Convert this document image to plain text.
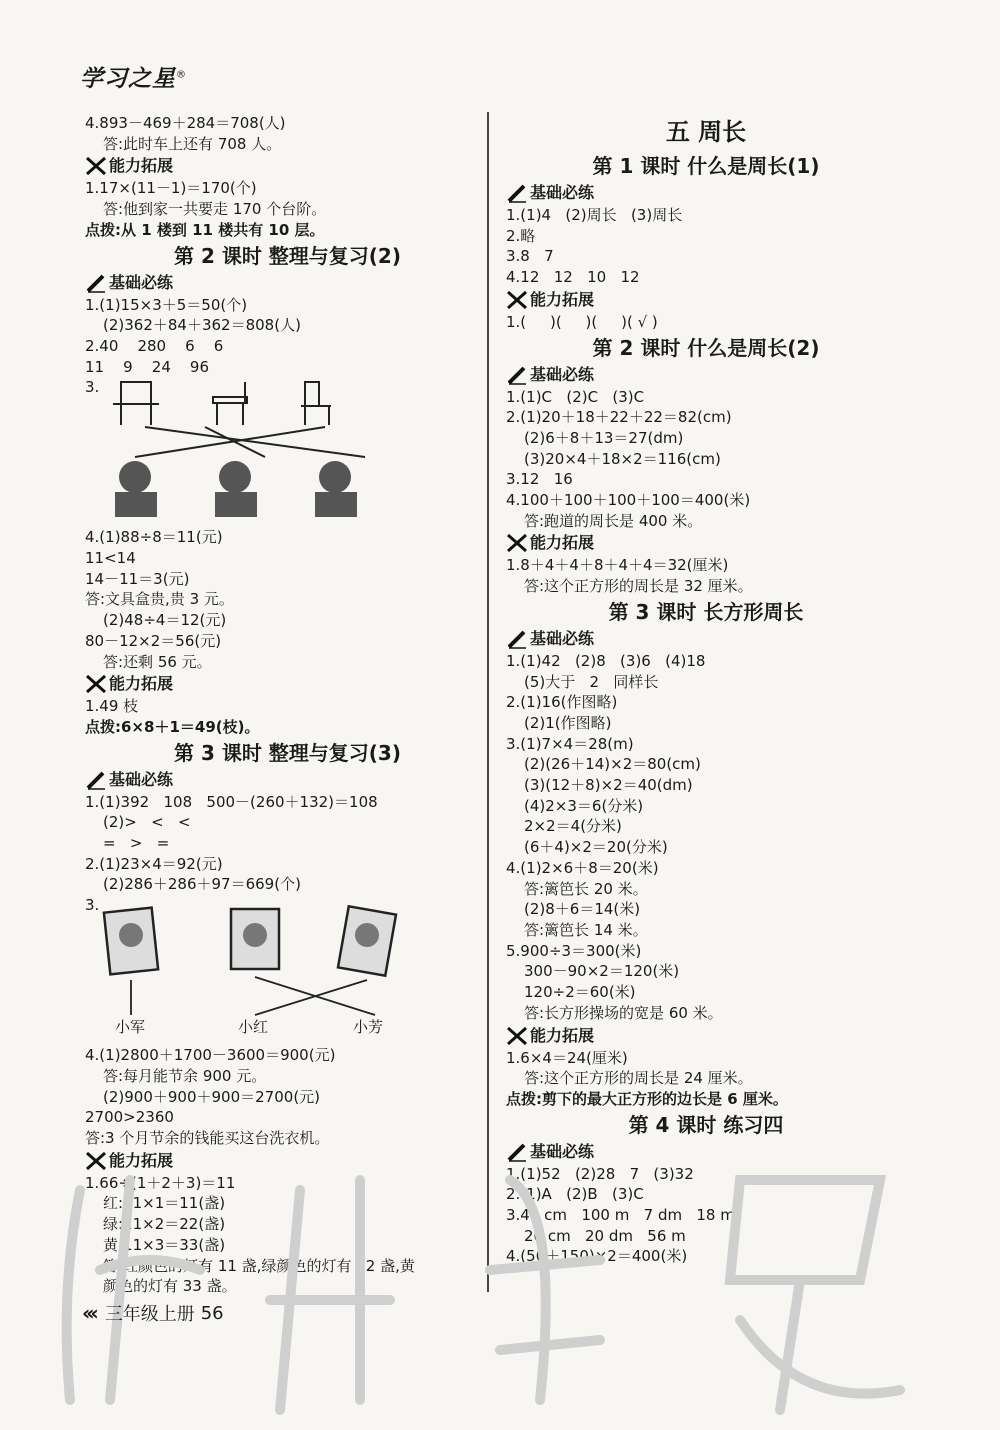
学习之星®
4.893－469＋284＝708(人)
答:此时车上还有 708 人。
能力拓展
1.17×(11－1)＝170(个)
答:他到家一共要走 170 个台阶。
点拨:从 1 楼到 11 楼共有 10 层。
第 2 课时 整理与复习(2)
基础必练
1.(1)15×3＋5＝50(个)
(2)362＋84＋362＝808(人)
2.40    280    6    6
11    9    24    96
3.
4.(1)88÷8＝11(元)
11<14
14－11＝3(元)
答:文具盒贵,贵 3 元。
(2)48÷4＝12(元)
80－12×2＝56(元)
答:还剩 56 元。
能力拓展
1.49 枝
点拨:6×8＋1＝49(枝)。
第 3 课时 整理与复习(3)
基础必练
1.(1)392   108   500－(260＋132)＝108
(2)>   <   <
=   >   =
2.(1)23×4＝92(元)
(2)286＋286＋97＝669(个)
3.
小军	小红	小芳
4.(1)2800＋1700－3600＝900(元)
答:每月能节余 900 元。
(2)900＋900＋900＝2700(元)
2700>2360
答:3 个月节余的钱能买这台洗衣机。
能力拓展
1.66÷(1＋2＋3)＝11
红:11×1＝11(盏)
绿:11×2＝22(盏)
黄:11×3＝33(盏)
答:红颜色的灯有 11 盏,绿颜色的灯有 22 盏,黄
颜色的灯有 33 盏。
五 周长
第 1 课时 什么是周长(1)
基础必练
1.(1)4   (2)周长   (3)周长
2.略
3.8   7
4.12   12   10   12
能力拓展
1.(     )(     )(     )( √ )
第 2 课时 什么是周长(2)
基础必练
1.(1)C   (2)C   (3)C
2.(1)20＋18＋22＋22＝82(cm)
(2)6＋8＋13＝27(dm)
(3)20×4＋18×2＝116(cm)
3.12   16
4.100＋100＋100＋100＝400(米)
答:跑道的周长是 400 米。
能力拓展
1.8＋4＋4＋8＋4＋4＝32(厘米)
答:这个正方形的周长是 32 厘米。
第 3 课时 长方形周长
基础必练
1.(1)42   (2)8   (3)6   (4)18
(5)大于   2   同样长
2.(1)16(作图略)
(2)1(作图略)
3.(1)7×4＝28(m)
(2)(26＋14)×2＝80(cm)
(3)(12＋8)×2＝40(dm)
(4)2×3＝6(分米)
2×2＝4(分米)
(6＋4)×2＝20(分米)
4.(1)2×6＋8＝20(米)
答:篱笆长 20 米。
(2)8＋6＝14(米)
答:篱笆长 14 米。
5.900÷3＝300(米)
300－90×2＝120(米)
120÷2＝60(米)
答:长方形操场的宽是 60 米。
能力拓展
1.6×4＝24(厘米)
答:这个正方形的周长是 24 厘米。
点拨:剪下的最大正方形的边长是 6 厘米。
第 4 课时 练习四
基础必练
1.(1)52   (2)28   7   (3)32
2.(1)A   (2)B   (3)C
3.44 cm   100 m   7 dm   18 m
20 cm   20 dm   56 m
4.(50＋150)×2＝400(米)
‹‹‹ 三年级上册 56
